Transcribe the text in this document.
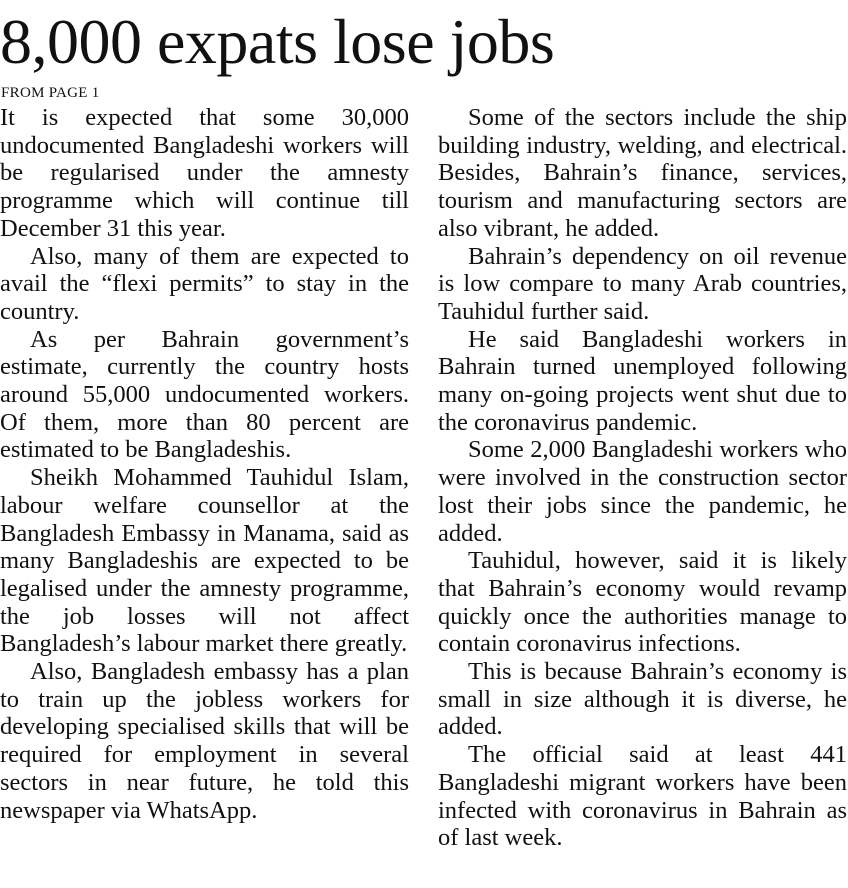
8,000 expats lose jobs
FROM PAGE 1

It is expected that some 30,000 undocumented Bangladeshi workers will be regularised under the amnesty programme which will continue till December 31 this year.

Also, many of them are expected to avail the “flexi permits” to stay in the country.

As per Bahrain government’s estimate, currently the country hosts around 55,000 undocumented workers. Of them, more than 80 percent are estimated to be Bangladeshis.

Sheikh Mohammed Tauhidul Islam, labour welfare counsellor at the Bangladesh Embassy in Manama, said as many Bangladeshis are expected to be legalised under the amnesty programme, the job losses will not affect Bangladesh’s labour market there greatly.

Also, Bangladesh embassy has a plan to train up the jobless workers for developing specialised skills that will be required for employment in several sectors in near future, he told this newspaper via WhatsApp.

Some of the sectors include the ship building industry, welding, and electrical. Besides, Bahrain’s finance, services, tourism and manufacturing sectors are also vibrant, he added.

Bahrain’s dependency on oil revenue is low compare to many Arab countries, Tauhidul further said.

He said Bangladeshi workers in Bahrain turned unemployed following many on-going projects went shut due to the coronavirus pandemic.

Some 2,000 Bangladeshi workers who were involved in the construction sector lost their jobs since the pandemic, he added.

Tauhidul, however, said it is likely that Bahrain’s economy would revamp quickly once the authorities manage to contain coronavirus infections.

This is because Bahrain’s economy is small in size although it is diverse, he added.

The official said at least 441 Bangladeshi migrant workers have been infected with coronavirus in Bahrain as of last week.
